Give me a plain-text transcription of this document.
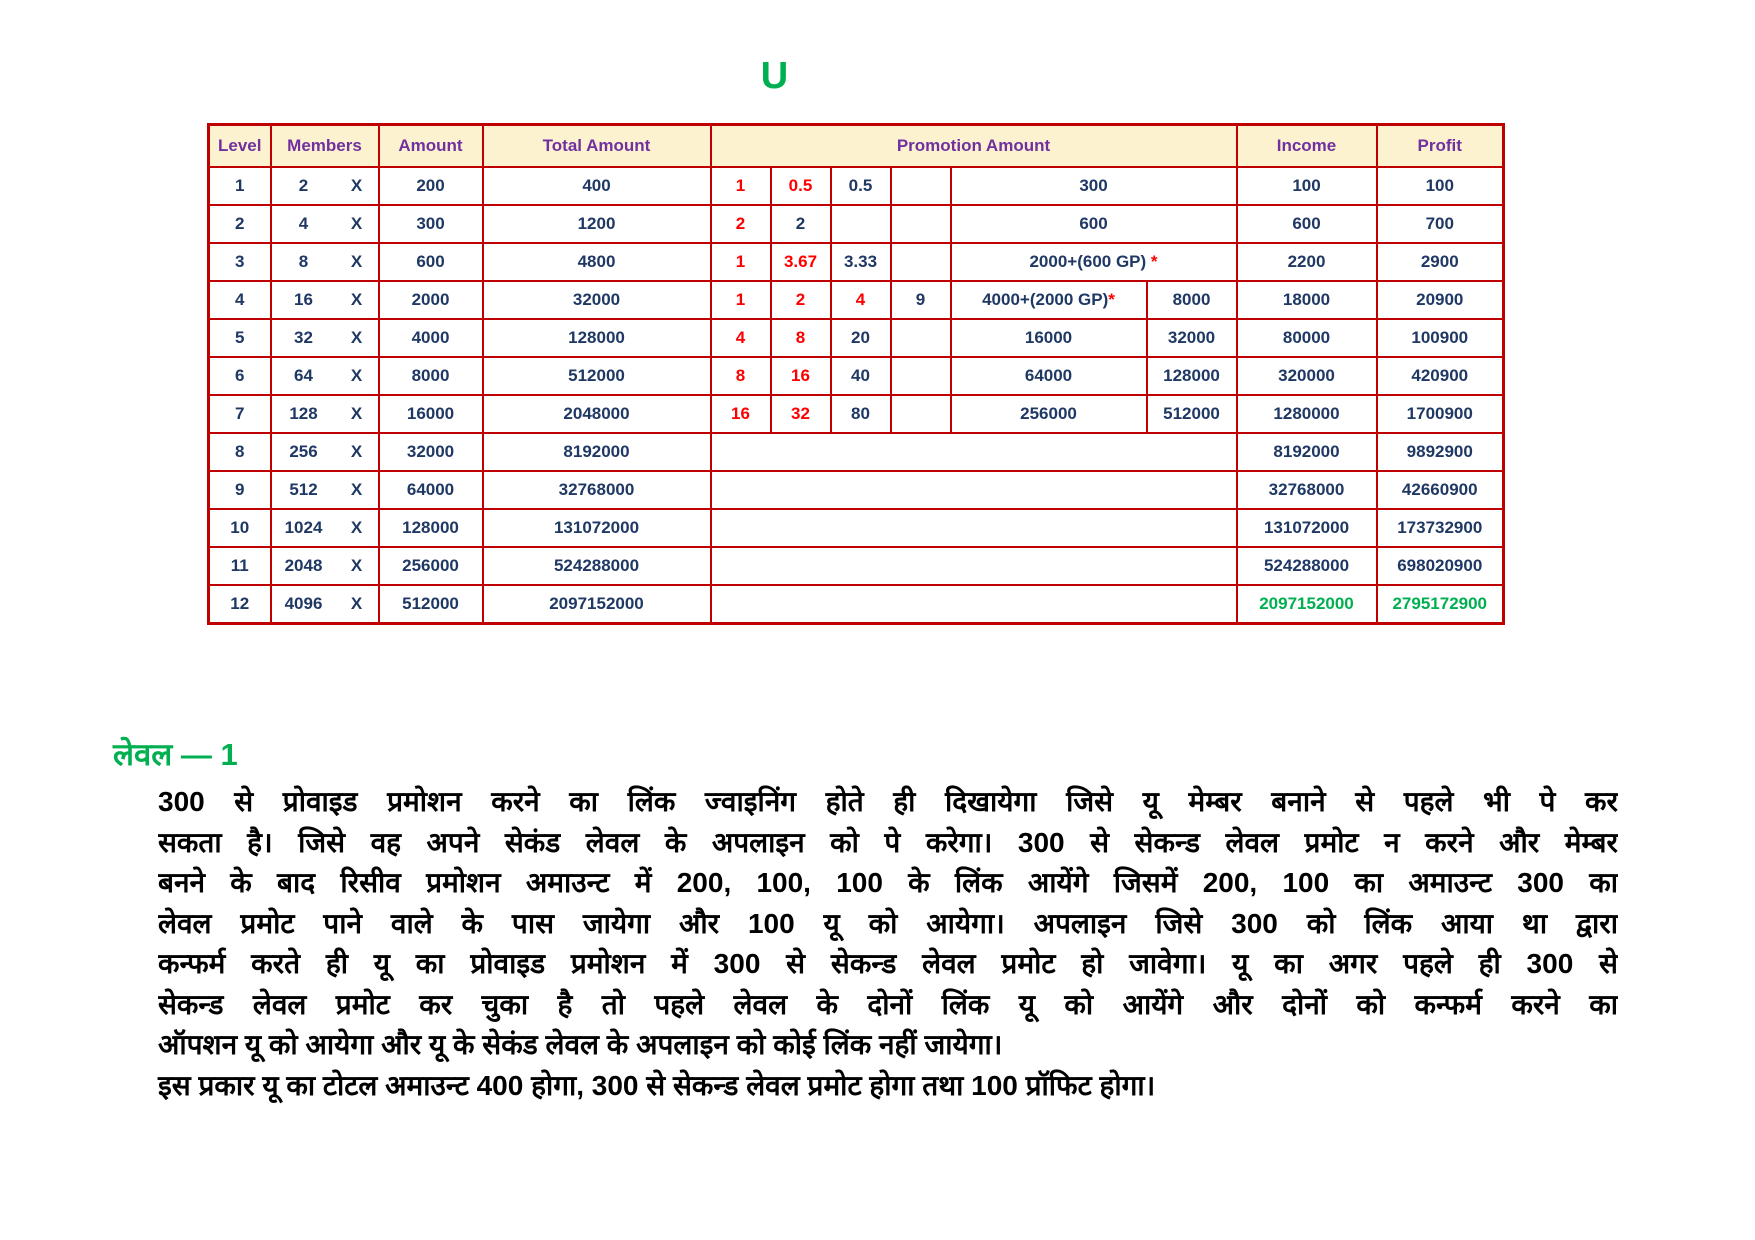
U
Level	Members	Amount	Total Amount	Promotion Amount						Income	Profit
1	2 X	200	400	1	0.5	0.5		300		100	100
2	4 X	300	1200	2	2			600		600	700
3	8 X	600	4800	1	3.67	3.33		2000+(600 GP) *		2200	2900
4	16 X	2000	32000	1	2	4	9	4000+(2000 GP)*	8000	18000	20900
5	32 X	4000	128000	4	8	20		16000	32000	80000	100900
6	64 X	8000	512000	8	16	40		64000	128000	320000	420900
7	128 X	16000	2048000	16	32	80		256000	512000	1280000	1700900
8	256 X	32000	8192000							8192000	9892900
9	512 X	64000	32768000							32768000	42660900
10	1024 X	128000	131072000							131072000	173732900
11	2048 X	256000	524288000							524288000	698020900
12	4096 X	512000	2097152000							2097152000	2795172900
लेवल — 1
300 से प्रोवाइड प्रमोशन करने का लिंक ज्वाइनिंग होते ही दिखायेगा जिसे यू मेम्बर बनाने से पहले भी पे कर
सकता है। जिसे वह अपने सेकंड लेवल के अपलाइन को पे करेगा। 300 से सेकन्ड लेवल प्रमोट न करने और मेम्बर
बनने के बाद रिसीव प्रमोशन अमाउन्ट में 200, 100, 100 के लिंक आयेंगे जिसमें 200, 100 का अमाउन्ट 300 का
लेवल प्रमोट पाने वाले के पास जायेगा और 100 यू को आयेगा। अपलाइन जिसे 300 को लिंक आया था द्वारा
कन्फर्म करते ही यू का प्रोवाइड प्रमोशन में 300 से सेकन्ड लेवल प्रमोट हो जावेगा। यू का अगर पहले ही 300 से
सेकन्ड लेवल प्रमोट कर चुका है तो पहले लेवल के दोनों लिंक यू को आयेंगे और दोनों को कन्फर्म करने का
ऑपशन यू को आयेगा और यू के सेकंड लेवल के अपलाइन को कोई लिंक नहीं जायेगा।
इस प्रकार यू का टोटल अमाउन्ट 400 होगा, 300 से सेकन्ड लेवल प्रमोट होगा तथा 100 प्रॉफिट होगा।
